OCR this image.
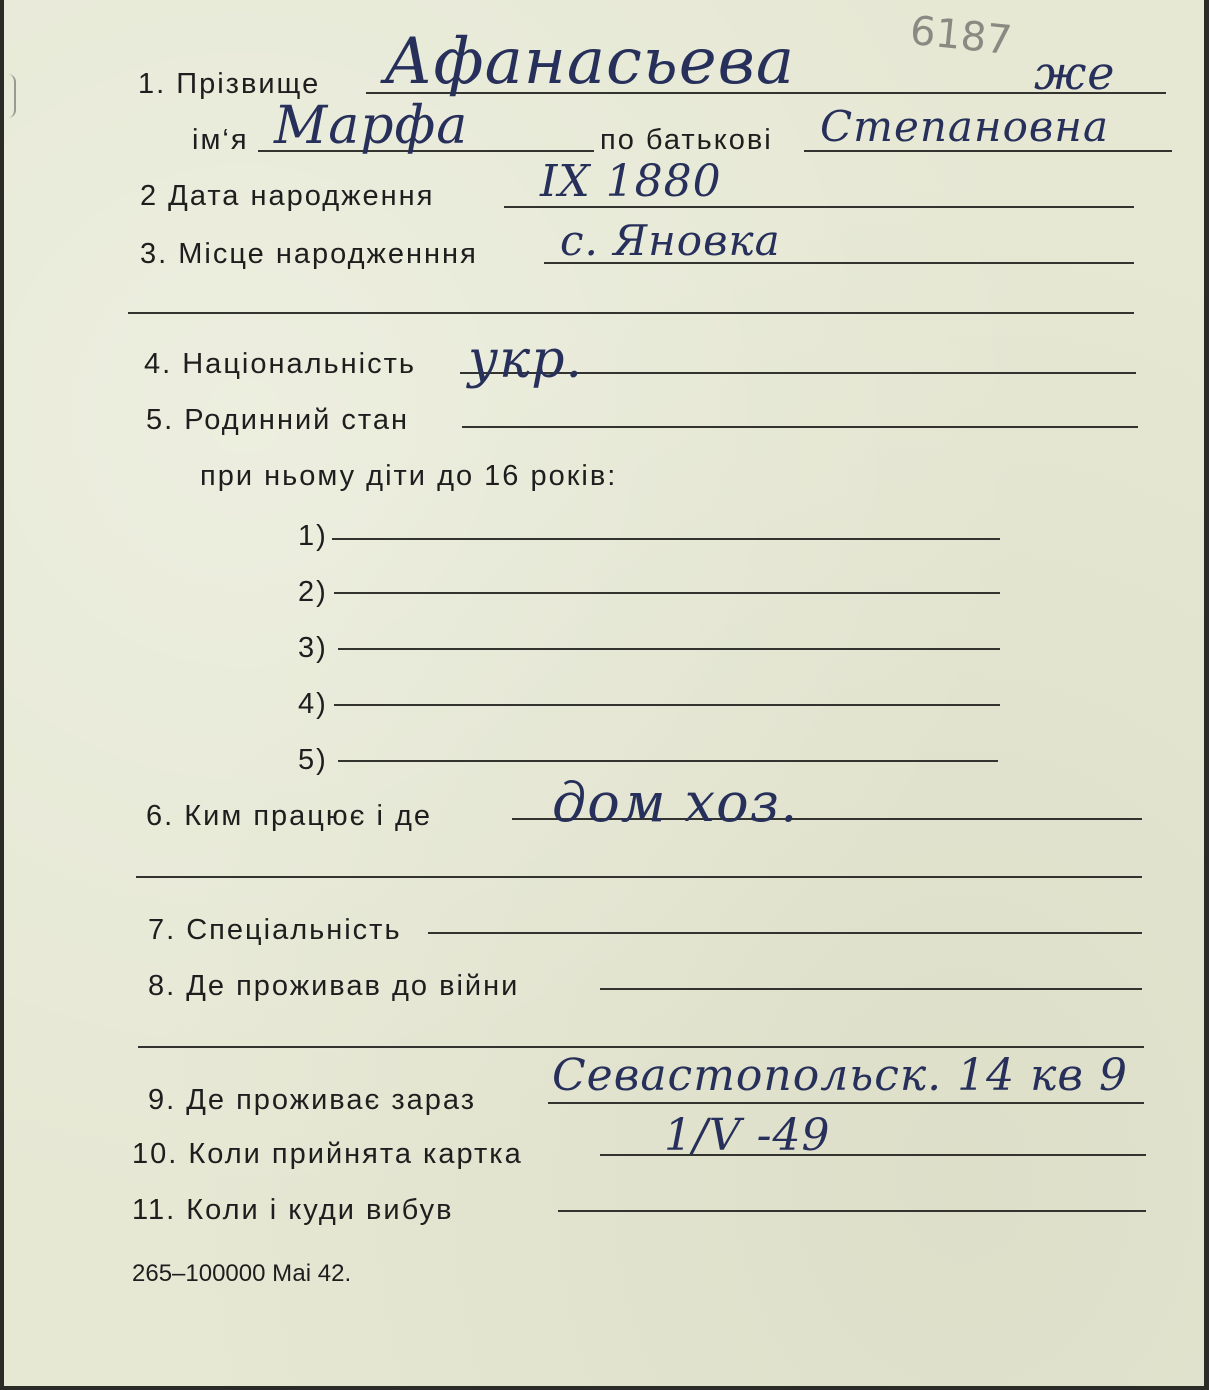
6187
1. Прізвище Афанасьева	же
ім‘я Марфа	по батькові Степановна
2 Дата народження IX 1880
3. Місце народженння с. Яновка
4. Національність укр.
5. Родинний стан
при ньому діти до 16 років:
1)
2)
3)
4)
5)
6. Ким працює і де дом хоз.
7. Спеціальність
8. Де проживав до війни
9. Де проживає зараз Севастопольск. 14 кв 9
10. Коли прийнята картка	1/V -49
11. Коли і куди вибув
265–100000 Маі 42.
